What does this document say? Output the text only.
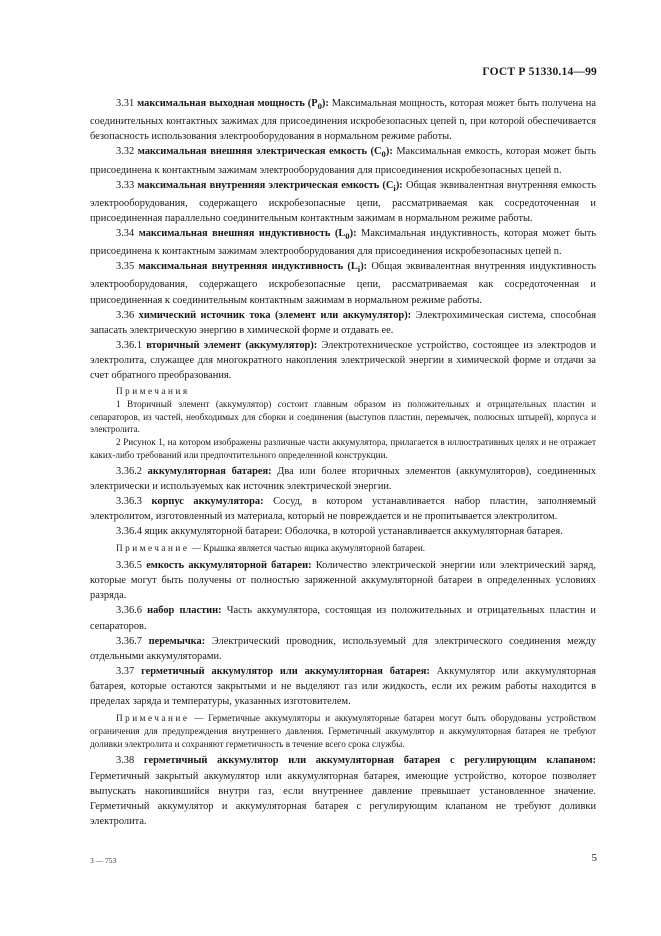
ГОСТ Р 51330.14—99

3.31 максимальная выходная мощность $(P_0)$: Максимальная мощность, которая может быть получена на соединительных контактных зажимах для присоединения искробезопасных цепей n, при которой обеспечивается безопасность использования электрооборудования в нормальном режиме работы.

3.32 максимальная внешняя электрическая емкость $(C_0)$: Максимальная емкость, которая может быть присоединена к контактным зажимам электрооборудования для присоединения искробезопасных цепей n.

3.33 максимальная внутренняя электрическая емкость $(C_i)$: Общая эквивалентная внутренняя емкость электрооборудования, содержащего искробезопасные цепи, рассматриваемая как сосредоточенная и присоединенная параллельно соединительным контактным зажимам в нормальном режиме работы.

3.34 максимальная внешняя индуктивность $(L_0)$: Максимальная индуктивность, которая может быть присоединена к контактным зажимам электрооборудования для присоединения искробезопасных цепей n.

3.35 максимальная внутренняя индуктивность $(L_i)$: Общая эквивалентная внутренняя индуктивность электрооборудования, содержащего искробезопасные цепи, рассматриваемая как сосредоточенная и присоединенная к соединительным контактным зажимам в нормальном режиме работы.

3.36 химический источник тока (элемент или аккумулятор): Электрохимическая система, способная запасать электрическую энергию в химической форме и отдавать ее.

3.36.1 вторичный элемент (аккумулятор): Электротехническое устройство, состоящее из электродов и электролита, служащее для многократного накопления электрической энергии в химической форме и отдачи за счет обратного преобразования.

Примечания

1 Вторичный элемент (аккумулятор) состоит главным образом из положительных и отрицательных пластин и сепараторов, из частей, необходимых для сборки и соединения (выступов пластин, перемычек, полюсных штырей), корпуса и электролита.

2 Рисунок 1, на котором изображены различные части аккумулятора, прилагается в иллюстративных целях и не отражает каких-либо требований или предпочтительного определенной конструкции.

3.36.2 аккумуляторная батарея: Два или более вторичных элементов (аккумуляторов), соединенных электрически и используемых как источник электрической энергии.

3.36.3 корпус аккумулятора: Сосуд, в котором устанавливается набор пластин, заполняемый электролитом, изготовленный из материала, который не повреждается и не пропитывается электролитом.

3.36.4 ящик аккумуляторной батареи: Оболочка, в которой устанавливается аккумуляторная батарея.

Примечание — Крышка является частью ящика акумуляторной батареи.

3.36.5 емкость аккумуляторной батареи: Количество электрической энергии или электрический заряд, которые могут быть получены от полностью заряженной аккумуляторной батареи в определенных условиях разряда.

3.36.6 набор пластин: Часть аккумулятора, состоящая из положительных и отрицательных пластин и сепараторов.

3.36.7 перемычка: Электрический проводник, используемый для электрического соединения между отдельными аккумуляторами.

3.37 герметичный аккумулятор или аккумуляторная батарея: Аккумулятор или аккумуляторная батарея, которые остаются закрытыми и не выделяют газ или жидкость, если их режим работы находится в пределах заряда и температуры, указанных изготовителем.

Примечание — Герметичные аккумуляторы и аккумуляторные батареи могут быть оборудованы устройством ограничения для предупреждения внутреннего давления. Герметичный аккумулятор и аккумуляторная батарея не требуют доливки электролита и сохраняют герметичность в течение всего срока службы.

3.38 герметичный аккумулятор или аккумуляторная батарея с регулирующим клапаном: Герметичный закрытый аккумулятор или аккумуляторная батарея, имеющие устройство, которое позволяет выпускать накопившийся внутри газ, если внутреннее давление превышает установленное значение. Герметичный аккумулятор и аккумуляторная батарея с регулирующим клапаном не требуют доливки электролита.

3 — 753	5
